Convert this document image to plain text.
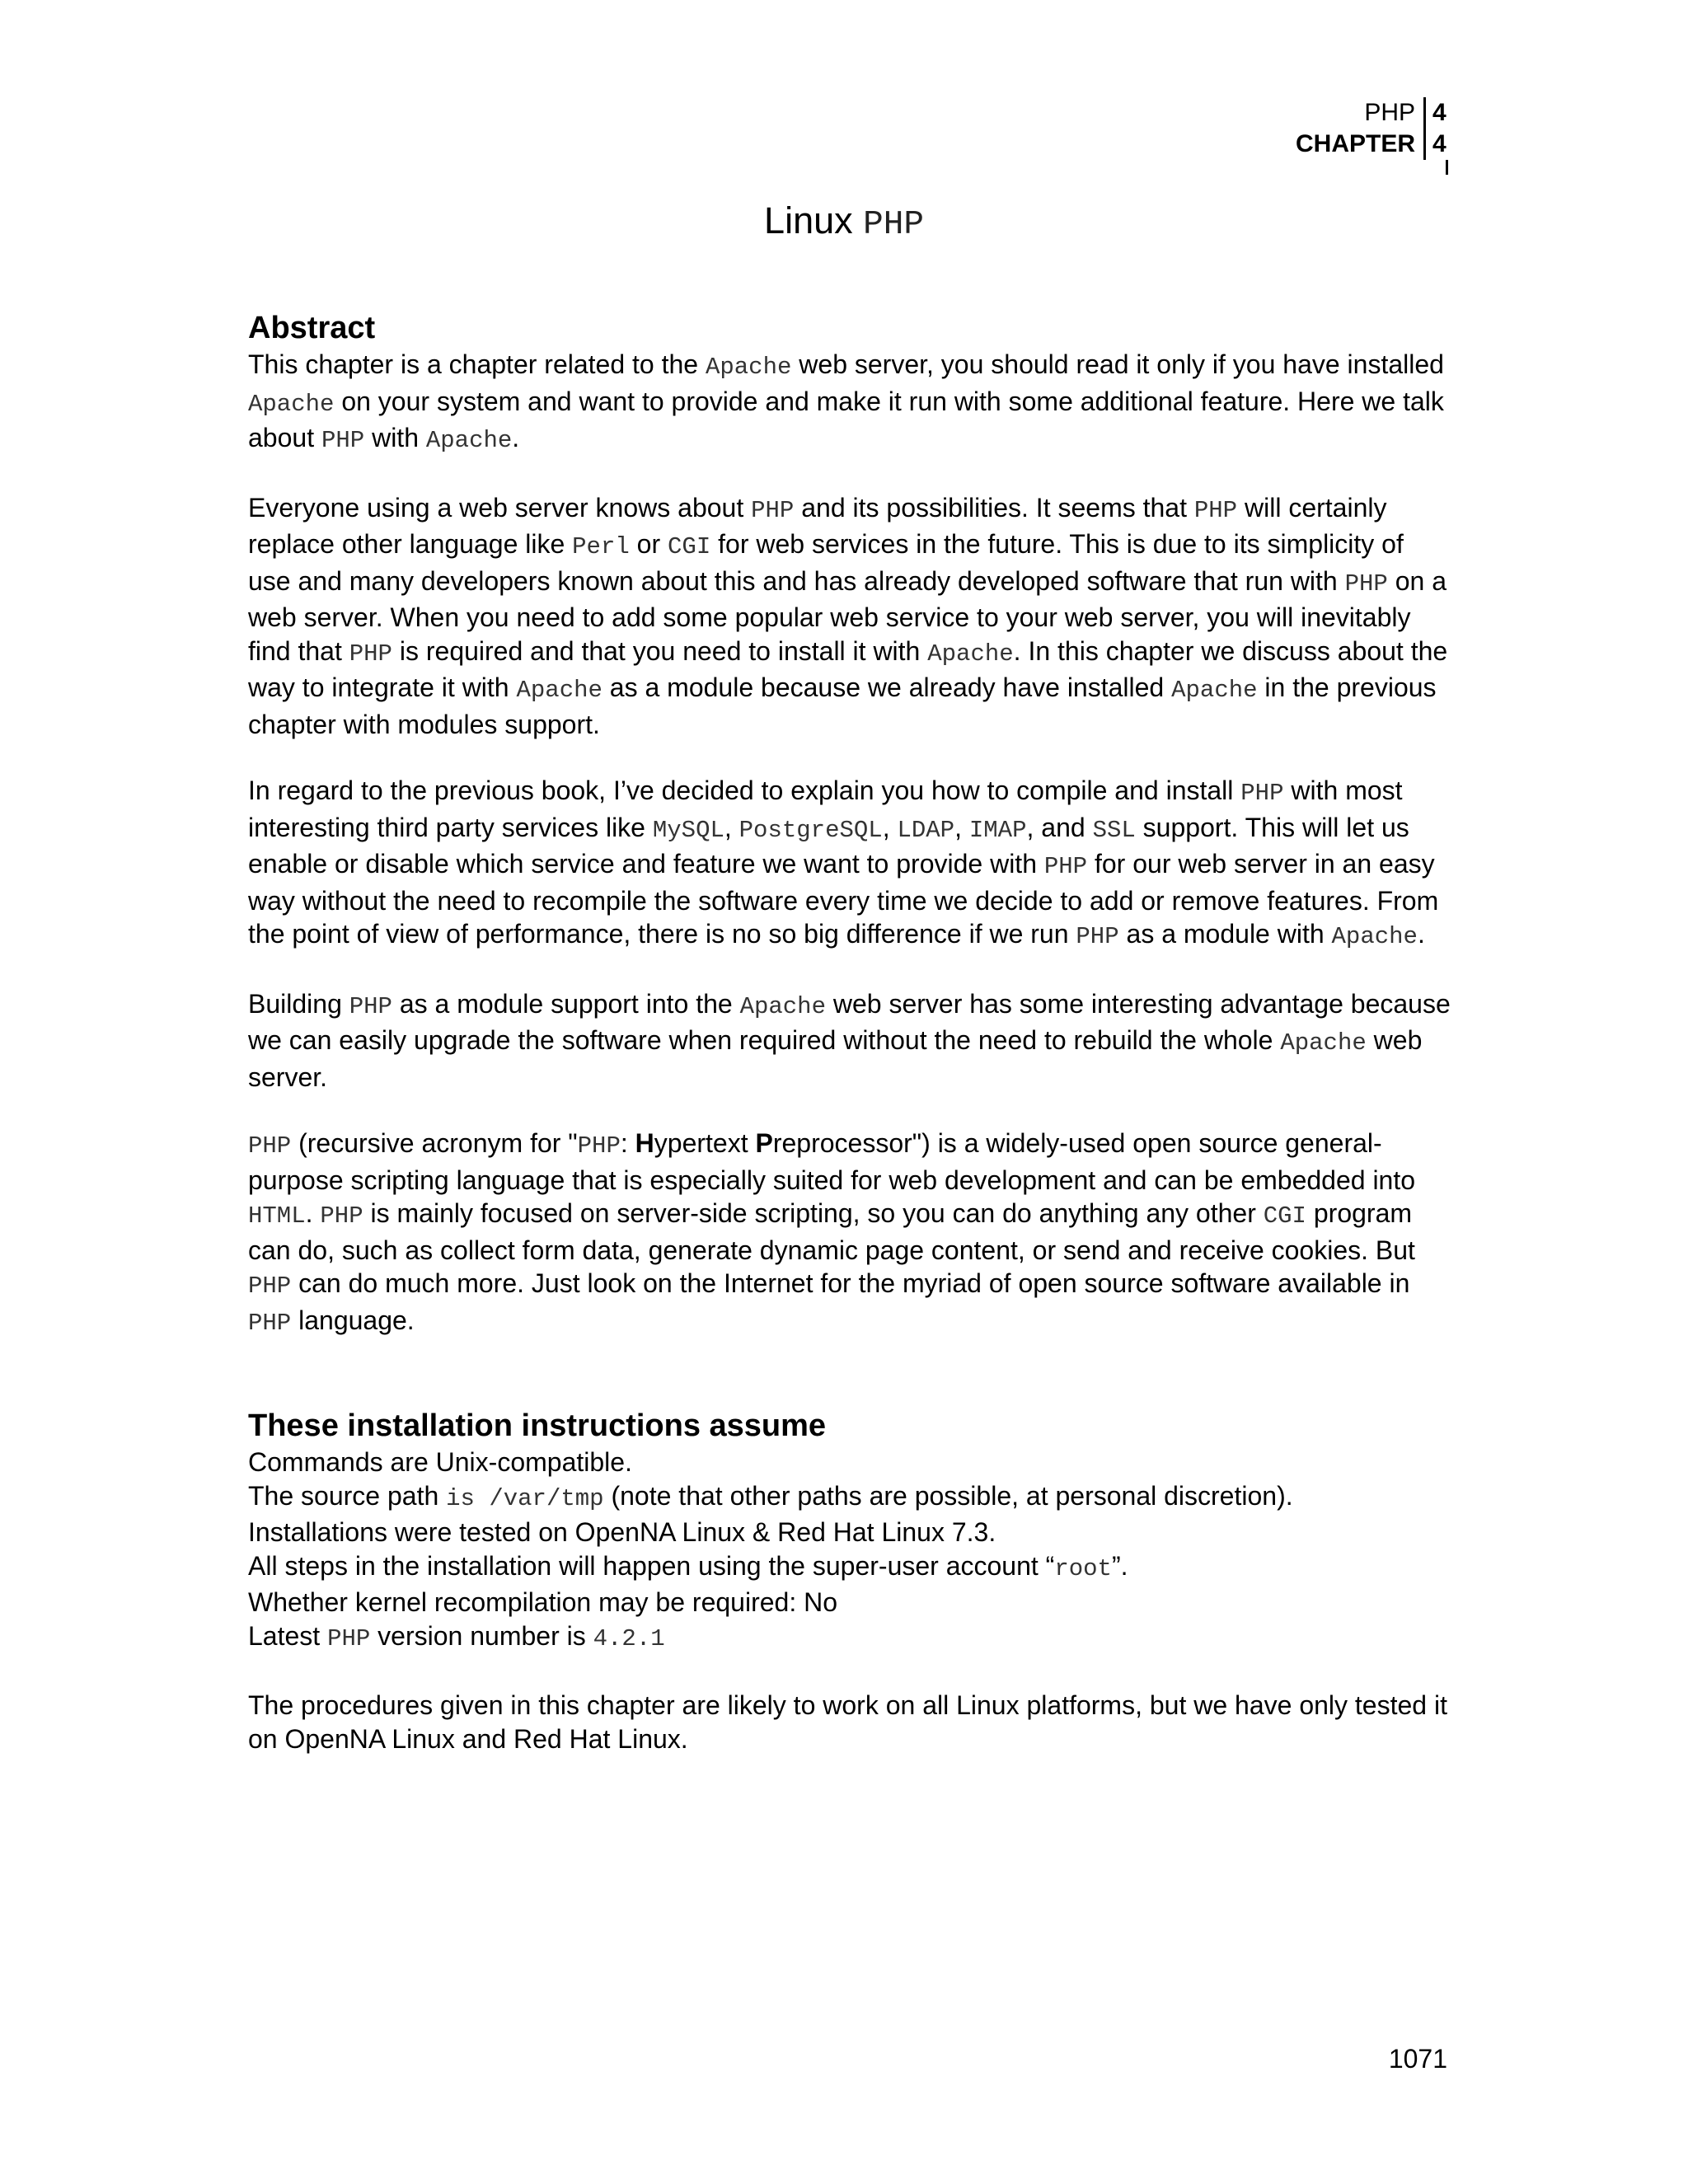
PHP 4
CHAPTER 4
Linux PHP
Abstract

This chapter is a chapter related to the Apache web server, you should read it only if you have installed Apache on your system and want to provide and make it run with some additional feature. Here we talk about PHP with Apache.

Everyone using a web server knows about PHP and its possibilities. It seems that PHP will certainly replace other language like Perl or CGI for web services in the future. This is due to its simplicity of use and many developers known about this and has already developed software that run with PHP on a web server. When you need to add some popular web service to your web server, you will inevitably find that PHP is required and that you need to install it with Apache. In this chapter we discuss about the way to integrate it with Apache as a module because we already have installed Apache in the previous chapter with modules support.

In regard to the previous book, I’ve decided to explain you how to compile and install PHP with most interesting third party services like MySQL, PostgreSQL, LDAP, IMAP, and SSL support. This will let us enable or disable which service and feature we want to provide with PHP for our web server in an easy way without the need to recompile the software every time we decide to add or remove features. From the point of view of performance, there is no so big difference if we run PHP as a module with Apache.

Building PHP as a module support into the Apache web server has some interesting advantage because we can easily upgrade the software when required without the need to rebuild the whole Apache web server.

PHP (recursive acronym for "PHP: Hypertext Preprocessor") is a widely-used open source general-purpose scripting language that is especially suited for web development and can be embedded into HTML. PHP is mainly focused on server-side scripting, so you can do anything any other CGI program can do, such as collect form data, generate dynamic page content, or send and receive cookies. But PHP can do much more. Just look on the Internet for the myriad of open source software available in PHP language.

These installation instructions assume
Commands are Unix-compatible.
The source path is /var/tmp (note that other paths are possible, at personal discretion).
Installations were tested on OpenNA Linux & Red Hat Linux 7.3.
All steps in the installation will happen using the super-user account “root”.
Whether kernel recompilation may be required: No
Latest PHP version number is 4.2.1

The procedures given in this chapter are likely to work on all Linux platforms, but we have only tested it on OpenNA Linux and Red Hat Linux.

1071
